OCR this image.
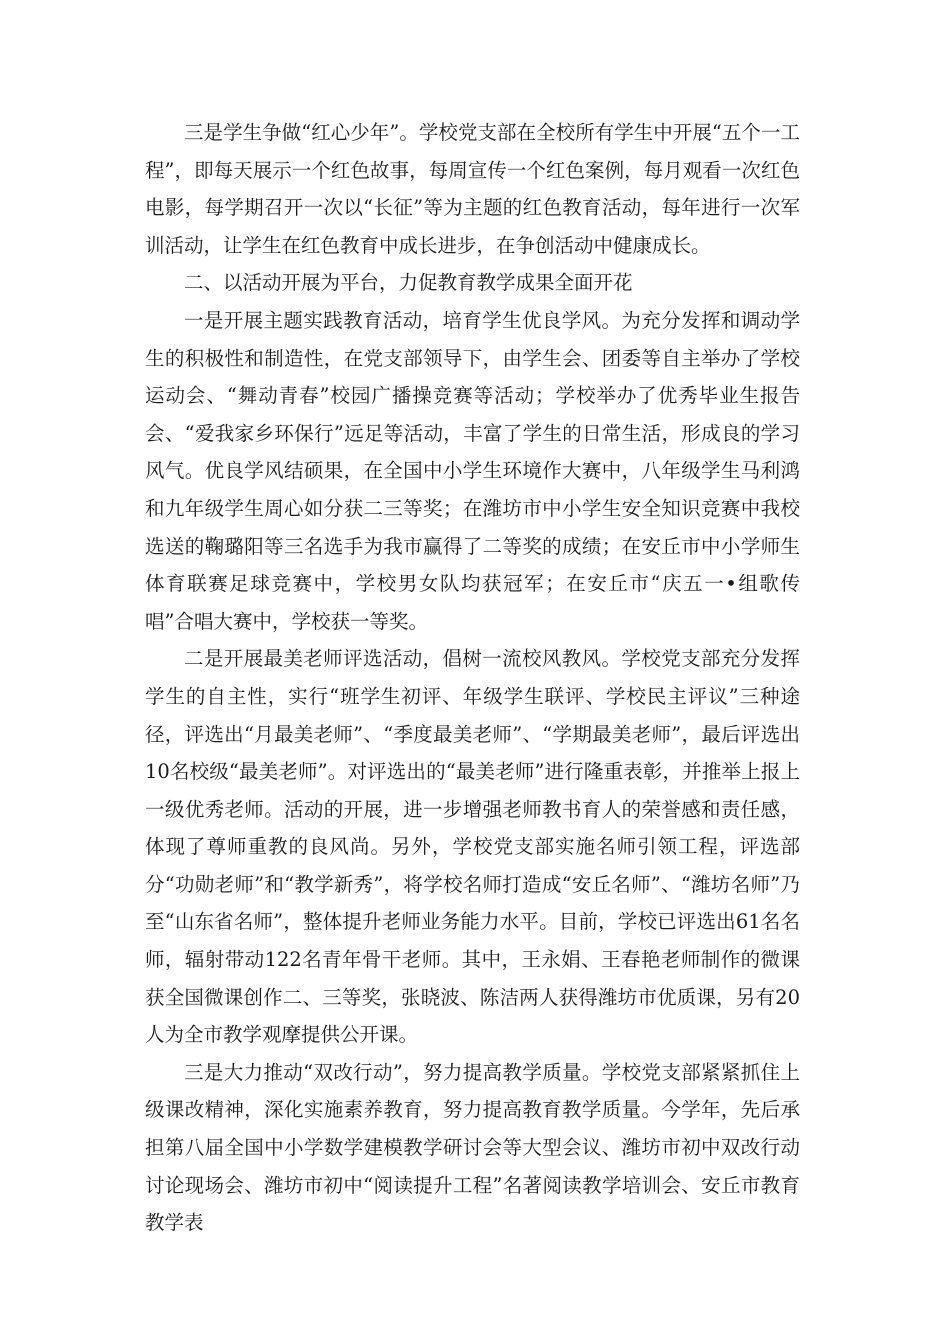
三是学生争做“红心少年”。学校党支部在全校所有学生中开展“五个一工程”，即每天展示一个红色故事，每周宣传一个红色案例，每月观看一次红色电影，每学期召开一次以“长征”等为主题的红色教育活动，每年进行一次军训活动，让学生在红色教育中成长进步，在争创活动中健康成长。

二、以活动开展为平台，力促教育教学成果全面开花

一是开展主题实践教育活动，培育学生优良学风。为充分发挥和调动学生的积极性和制造性，在党支部领导下，由学生会、团委等自主举办了学校运动会、“舞动青春”校园广播操竞赛等活动；学校举办了优秀毕业生报告会、“爱我家乡环保行”远足等活动，丰富了学生的日常生活，形成良的学习风气。优良学风结硕果，在全国中小学生环境作大赛中，八年级学生马利鸿和九年级学生周心如分获二三等奖；在潍坊市中小学生安全知识竞赛中我校选送的鞠璐阳等三名选手为我市赢得了二等奖的成绩；在安丘市中小学师生体育联赛足球竞赛中，学校男女队均获冠军；在安丘市“庆五一•组歌传唱”合唱大赛中，学校获一等奖。

二是开展最美老师评选活动，倡树一流校风教风。学校党支部充分发挥学生的自主性，实行“班学生初评、年级学生联评、学校民主评议”三种途径，评选出“月最美老师”、“季度最美老师”、“学期最美老师”，最后评选出10名校级“最美老师”。对评选出的“最美老师”进行隆重表彰，并推举上报上一级优秀老师。活动的开展，进一步增强老师教书育人的荣誉感和责任感，体现了尊师重教的良风尚。另外，学校党支部实施名师引领工程，评选部分“功勋老师”和“教学新秀”，将学校名师打造成“安丘名师”、“潍坊名师”乃至“山东省名师”，整体提升老师业务能力水平。目前，学校已评选出61名名师，辐射带动122名青年骨干老师。其中，王永娟、王春艳老师制作的微课获全国微课创作二、三等奖，张晓波、陈洁两人获得潍坊市优质课，另有20人为全市教学观摩提供公开课。

三是大力推动“双改行动”，努力提高教学质量。学校党支部紧紧抓住上级课改精神，深化实施素养教育，努力提高教育教学质量。今学年，先后承担第八届全国中小学数学建模教学研讨会等大型会议、潍坊市初中双改行动讨论现场会、潍坊市初中“阅读提升工程”名著阅读教学培训会、安丘市教育教学表
